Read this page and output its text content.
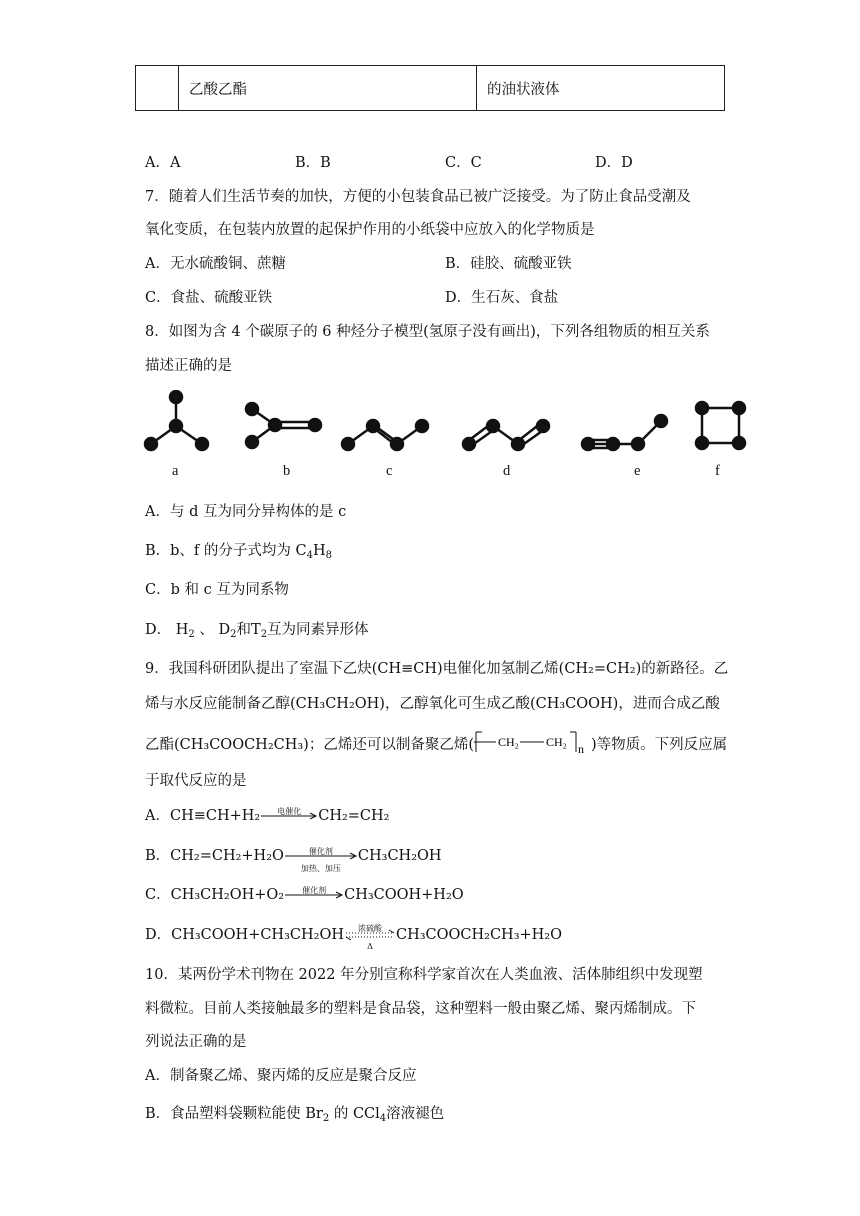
	乙酸乙酯	的油状液体
A．A	B．B	C．C	D．D
7．随着人们生活节奏的加快，方便的小包装食品已被广泛接受。为了防止食品受潮及
氧化变质，在包装内放置的起保护作用的小纸袋中应放入的化学物质是
A．无水硫酸铜、蔗糖	B．硅胶、硫酸亚铁
C．食盐、硫酸亚铁	D．生石灰、食盐
8．如图为含 4 个碳原子的 6 种烃分子模型(氢原子没有画出)，下列各组物质的相互关系
描述正确的是
a	b	c	d	e	f
A．与 d 互为同分异构体的是 c
B．b、f 的分子式均为 $C_4H_8$
C．b 和 c 互为同系物
D． $H_2$ 、 $D_2$和$T_2$互为同素异形体
9．我国科研团队提出了室温下乙炔(CH≡CH)电催化加氢制乙烯(CH₂=CH₂)的新路径。乙
烯与水反应能制备乙醇(CH₃CH₂OH)，乙醇氧化可生成乙酸(CH₃COOH)，进而合成乙酸
乙酯(CH₃COOCH₂CH₃)；乙烯还可以制备聚乙烯( CH₂ CH₂ n )等物质。下列反应属
于取代反应的是
A．CH≡CH+H₂	电催化	CH₂=CH₂
B．CH₂=CH₂+H₂O	催化剂
加热、加压
CH₃CH₂OH
C．CH₃CH₂OH+O₂	催化剂	CH₃COOH+H₂O
D．CH₃COOH+CH₃CH₂OH	浓硫酸
Δ
CH₃COOCH₂CH₃+H₂O
10．某两份学术刊物在 2022 年分别宣称科学家首次在人类血液、活体肺组织中发现塑
料微粒。目前人类接触最多的塑料是食品袋，这种塑料一般由聚乙烯、聚丙烯制成。下
列说法正确的是
A．制备聚乙烯、聚丙烯的反应是聚合反应
B．食品塑料袋颗粒能使 $Br_2$ 的 CCl$_4$溶液褪色
